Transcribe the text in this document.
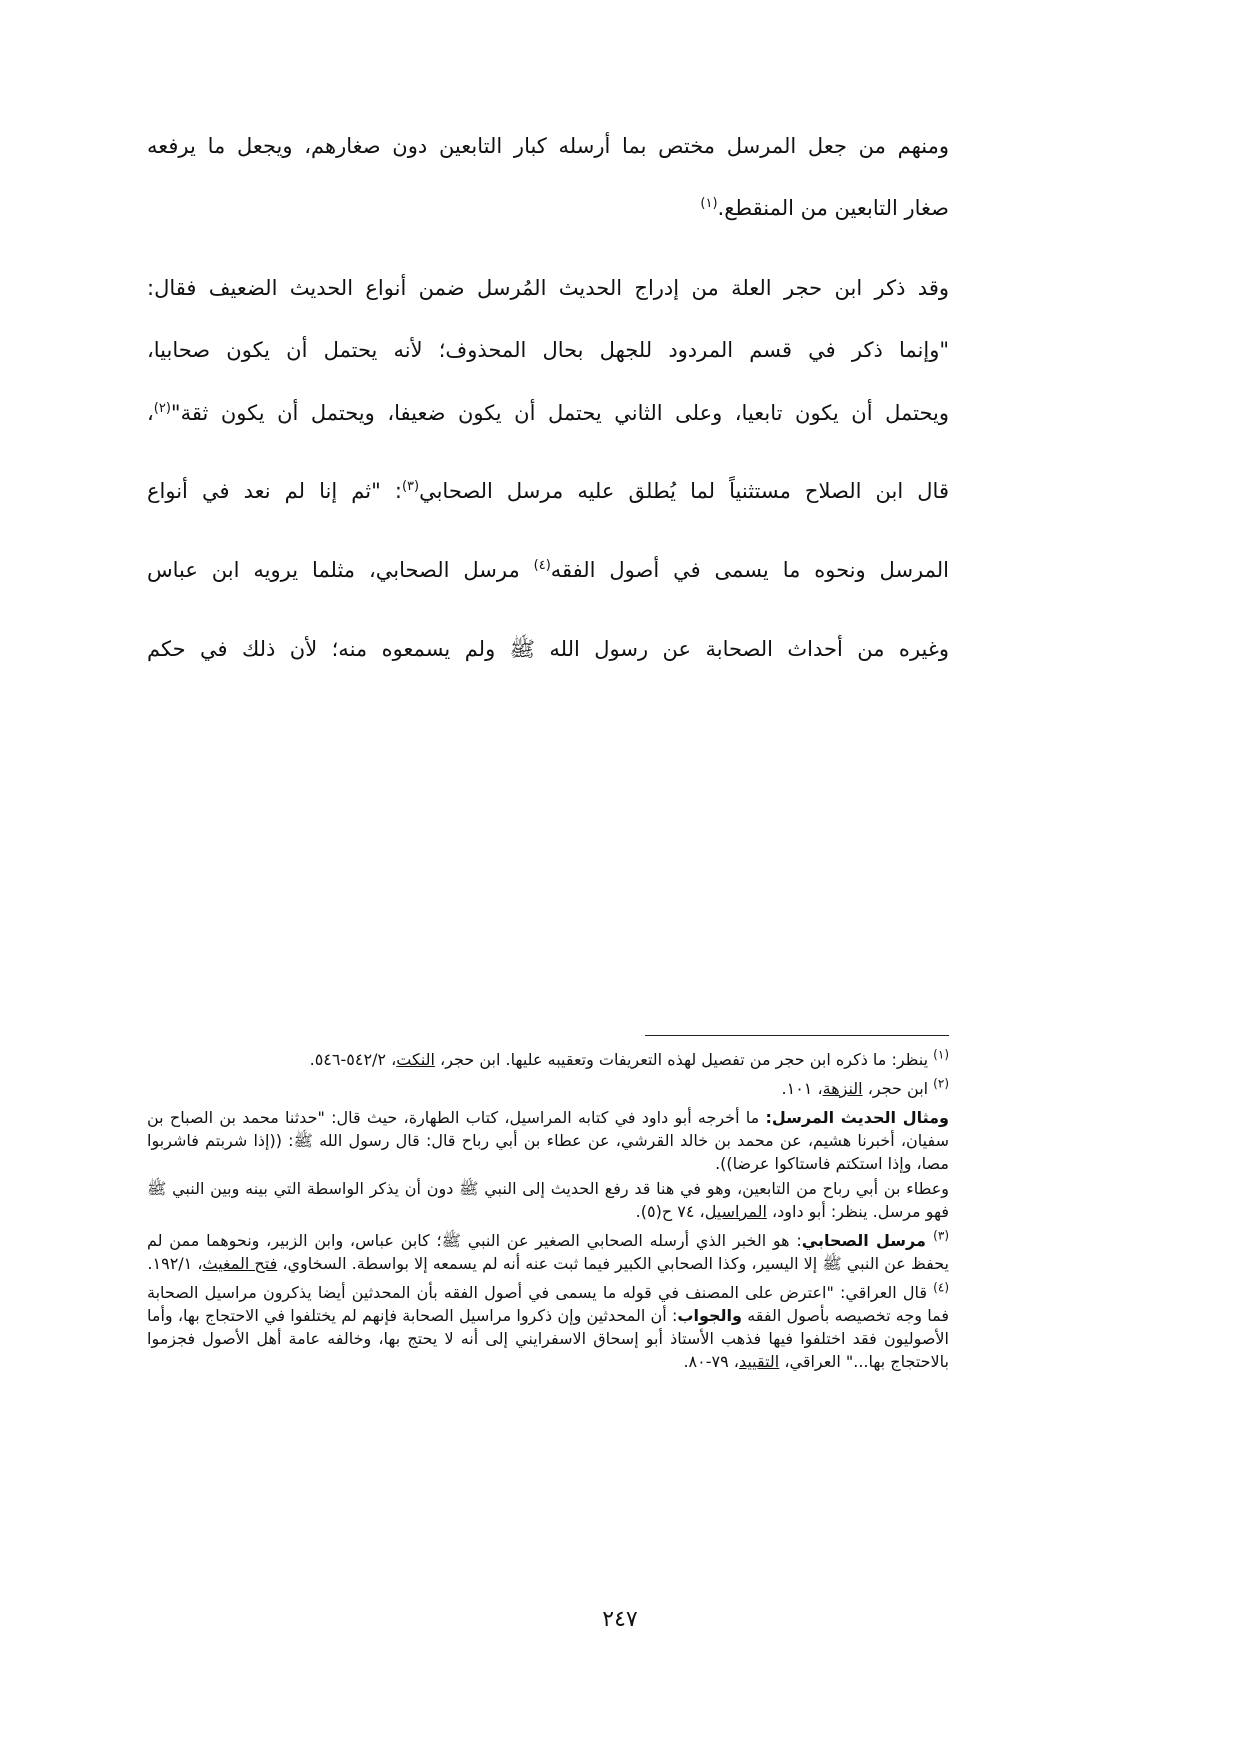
ومنهم من جعل المرسل مختص بما أرسله كبار التابعين دون صغارهم، ويجعل ما يرفعه
صغار التابعين من المنقطع.$^{(١)}$
وقد ذكر ابن حجر العلة من إدراج الحديث المُرسل ضمن أنواع الحديث الضعيف فقال:
"وإنما ذكر في قسم المردود للجهل بحال المحذوف؛ لأنه يحتمل أن يكون صحابيا،
ويحتمل أن يكون تابعيا، وعلى الثاني يحتمل أن يكون ضعيفا، ويحتمل أن يكون ثقة"$^{(٢)}$،
قال ابن الصلاح مستثنياً لما يُطلق عليه مرسل الصحابي$^{(٣)}$: "ثم إنا لم نعد في أنواع
المرسل ونحوه ما يسمى في أصول الفقه$^{(٤)}$ مرسل الصحابي، مثلما يرويه ابن عباس
وغيره من أحداث الصحابة عن رسول الله ﷺ ولم يسمعوه منه؛ لأن ذلك في حكم

$^{(١)}$ ينظر: ما ذكره ابن حجر من تفصيل لهذه التعريفات وتعقيبه عليها. ابن حجر، النكت، ٥٤٢/٢-٥٤٦.

$^{(٢)}$ ابن حجر، النزهة، ١٠١.

ومثال الحديث المرسل: ما أخرجه أبو داود في كتابه المراسيل، كتاب الطهارة، حيث قال: "حدثنا محمد بن الصباح بن سفيان، أخبرنا هشيم، عن محمد بن خالد القرشي، عن عطاء بن أبي رباح قال: قال رسول الله ﷺ: ((إذا شربتم فاشربوا مصا، وإذا استكتم فاستاكوا عرضا)).

وعطاء بن أبي رباح من التابعين، وهو في هنا قد رفع الحديث إلى النبي ﷺ دون أن يذكر الواسطة التي بينه وبين النبي ﷺ فهو مرسل. ينظر: أبو داود، المراسيل، ٧٤ ح(٥).

$^{(٣)}$ مرسل الصحابي: هو الخبر الذي أرسله الصحابي الصغير عن النبي ﷺ؛ كابن عباس، وابن الزبير، ونحوهما ممن لم يحفظ عن النبي ﷺ إلا اليسير، وكذا الصحابي الكبير فيما ثبت عنه أنه لم يسمعه إلا بواسطة. السخاوي، فتح المغيث، ١٩٢/١.

$^{(٤)}$ قال العراقي: "اعترض على المصنف في قوله ما يسمى في أصول الفقه بأن المحدثين أيضا يذكرون مراسيل الصحابة فما وجه تخصيصه بأصول الفقه والجواب: أن المحدثين وإن ذكروا مراسيل الصحابة فإنهم لم يختلفوا في الاحتجاج بها، وأما الأصوليون فقد اختلفوا فيها فذهب الأستاذ أبو إسحاق الاسفرايني إلى أنه لا يحتج بها، وخالفه عامة أهل الأصول فجزموا بالاحتجاج بها..." العراقي، التقييد، ٧٩-٨٠.

٢٤٧
